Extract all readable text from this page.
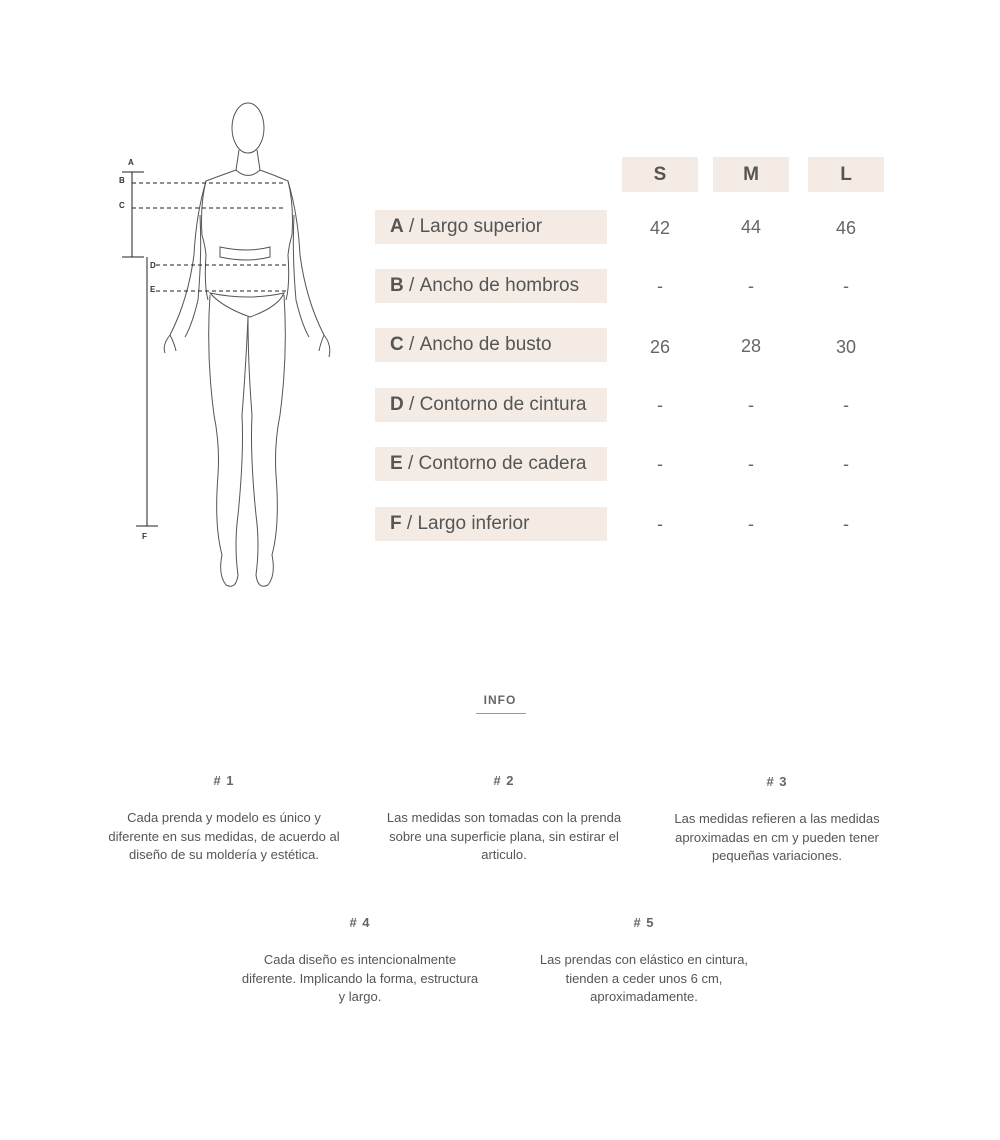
A
B
C
D
E
F
S	M	L
A / Largo superior	42	44	46
B / Ancho de hombros	-	-	-
C / Ancho de busto	26	28	30
D / Contorno de cintura	-	-	-
E / Contorno de cadera	-	-	-
F / Largo inferior	-	-	-
INFO
# 1
Cada prenda y modelo es único y diferente en sus medidas, de acuerdo al diseño de su moldería y estética.
# 2
Las medidas son tomadas con la prenda sobre una superficie plana, sin estirar el articulo.
# 3
Las medidas refieren a las medidas aproximadas en cm y pueden tener pequeñas variaciones.
# 4
Cada diseño es intencionalmente diferente. Implicando la forma, estructura y largo.
# 5
Las prendas con elástico en cintura, tienden a ceder unos 6 cm, aproximadamente.
